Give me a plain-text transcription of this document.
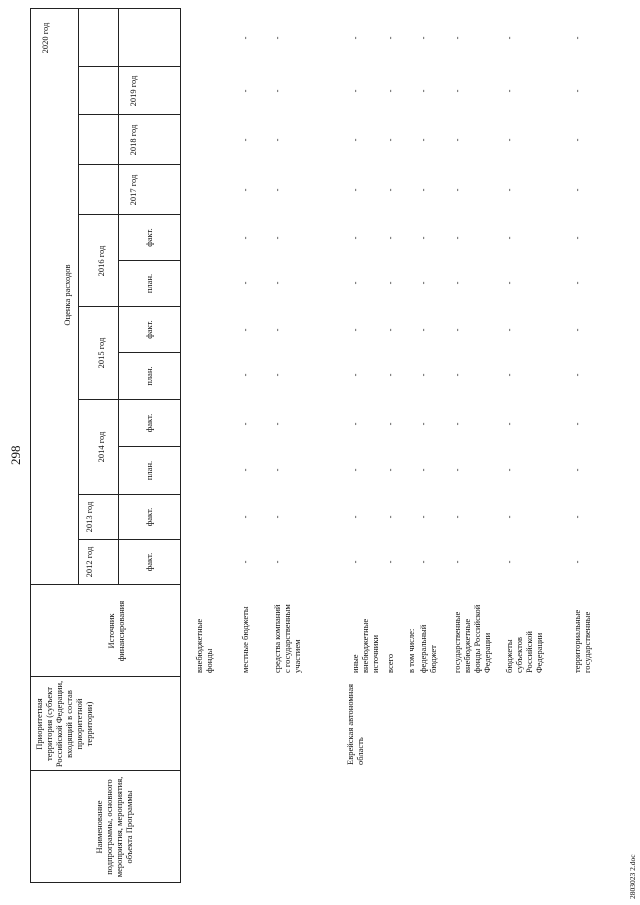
298
Наименование подпрограммы, основного мероприятия, мероприятия, объекта Программы
Приоритетная территория (субъект Российской Федерации, входящий в состав приоритетной территории)
Источник финансирования
Оценка расходов
2012 год
2013 год
2014 год
2015 год
2016 год
2017 год
2018 год
2019 год
2020 год
факт.
факт.
план.
факт.
план.
факт.
план.
факт.
Еврейская автономная область
внебюджетные фонды	местные бюджеты
-
-
-
-
-
-
-
-
-
-
-
-
средства компаний с государственным участием
-
-
-
-
-
-
-
-
-
-
-
-
иные внебюджетные источники
-
-
-
-
-
-
-
-
-
-
-
-
всего
-
-
-
-
-
-
-
-
-
-
-
-
в том числе: федеральный бюджет
-
-
-
-
-
-
-
-
-
-
-
-
государственные внебюджетные фонды Российской Федерации
-
-
-
-
-
-
-
-
-
-
-
-
бюджеты субъектов Российской Федерации
-
-
-
-
-
-
-
-
-
-
-
-
территориальные государственные
-
-
-
-
-
-
-
-
-
-
-
-
2803023 2.doc
